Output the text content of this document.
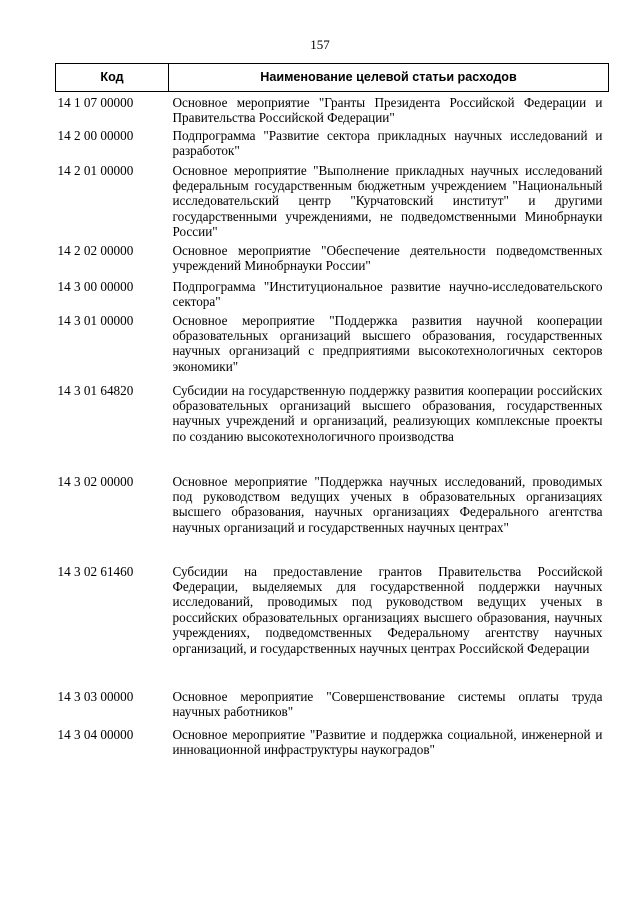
157
Код	Наименование целевой статьи расходов
14 1 07 00000	Основное мероприятие "Гранты Президента Российской Федерации и Правительства Российской Федерации"
14 2 00 00000	Подпрограмма "Развитие сектора прикладных научных исследований и разработок"
14 2 01 00000	Основное мероприятие "Выполнение прикладных научных исследований федеральным государственным бюджетным учреждением "Национальный исследовательский центр "Курчатовский институт" и другими государственными учреждениями, не подведомственными Минобрнауки России"
14 2 02 00000	Основное мероприятие "Обеспечение деятельности подведомственных учреждений Минобрнауки России"
14 3 00 00000	Подпрограмма "Институциональное развитие научно-исследовательского сектора"
14 3 01 00000	Основное мероприятие "Поддержка развития научной кооперации образовательных организаций высшего образования, государственных научных организаций с предприятиями высокотехнологичных секторов экономики"
14 3 01 64820	Субсидии на государственную поддержку развития кооперации российских образовательных организаций высшего образования, государственных научных учреждений и организаций, реализующих комплексные проекты по созданию высокотехнологичного производства
14 3 02 00000	Основное мероприятие "Поддержка научных исследований, проводимых под руководством ведущих ученых в образовательных организациях высшего образования, научных организациях Федерального агентства научных организаций и государственных научных центрах"
14 3 02 61460	Субсидии на предоставление грантов Правительства Российской Федерации, выделяемых для государственной поддержки научных исследований, проводимых под руководством ведущих ученых в российских образовательных организациях высшего образования, научных учреждениях, подведомственных Федеральному агентству научных организаций, и государственных научных центрах Российской Федерации
14 3 03 00000	Основное мероприятие "Совершенствование системы оплаты труда научных работников"
14 3 04 00000	Основное мероприятие "Развитие и поддержка социальной, инженерной и инновационной инфраструктуры наукоградов"
